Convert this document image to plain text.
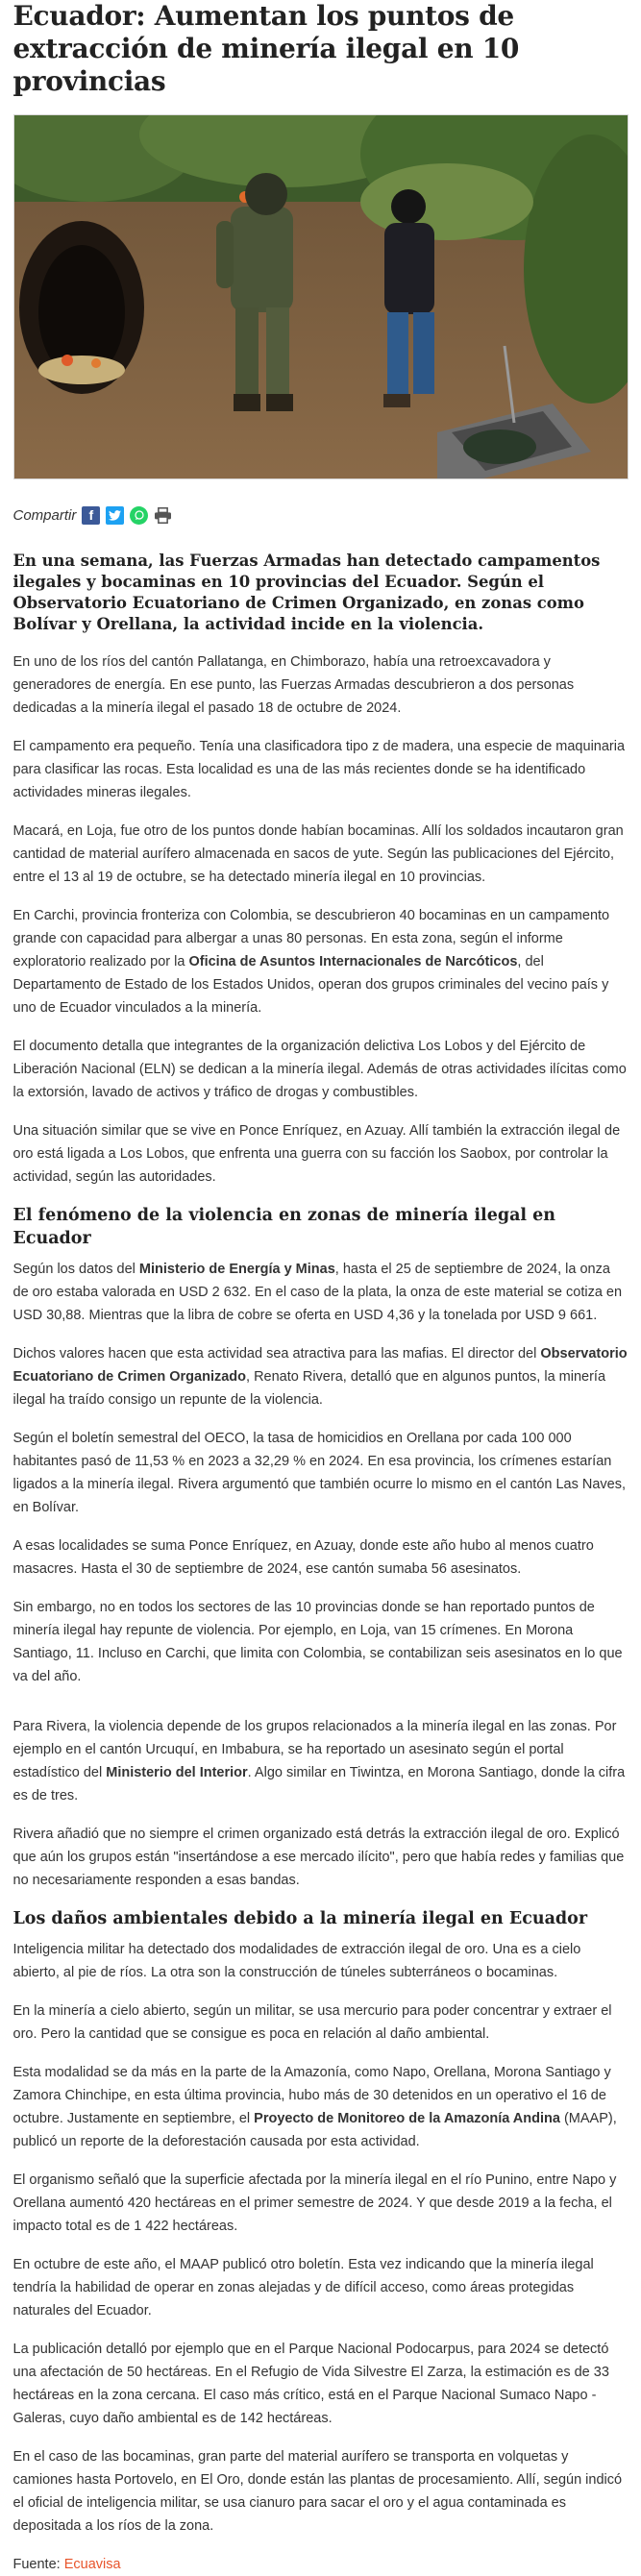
Ecuador: Aumentan los puntos de extracción de minería ilegal en 10 provincias
Compartir f

En una semana, las Fuerzas Armadas han detectado campamentos ilegales y bocaminas en 10 provincias del Ecuador. Según el Observatorio Ecuatoriano de Crimen Organizado, en zonas como Bolívar y Orellana, la actividad incide en la violencia.

En uno de los ríos del cantón Pallatanga, en Chimborazo, había una retroexcavadora y generadores de energía. En ese punto, las Fuerzas Armadas descubrieron a dos personas dedicadas a la minería ilegal el pasado 18 de octubre de 2024.

El campamento era pequeño. Tenía una clasificadora tipo z de madera, una especie de maquinaria para clasificar las rocas. Esta localidad es una de las más recientes donde se ha identificado actividades mineras ilegales.

Macará, en Loja, fue otro de los puntos donde habían bocaminas. Allí los soldados incautaron gran cantidad de material aurífero almacenada en sacos de yute. Según las publicaciones del Ejército, entre el 13 al 19 de octubre, se ha detectado minería ilegal en 10 provincias.

En Carchi, provincia fronteriza con Colombia, se descubrieron 40 bocaminas en un campamento grande con capacidad para albergar a unas 80 personas. En esta zona, según el informe exploratorio realizado por la Oficina de Asuntos Internacionales de Narcóticos, del Departamento de Estado de los Estados Unidos, operan dos grupos criminales del vecino país y uno de Ecuador vinculados a la minería.

El documento detalla que integrantes de la organización delictiva Los Lobos y del Ejército de Liberación Nacional (ELN) se dedican a la minería ilegal. Además de otras actividades ilícitas como la extorsión, lavado de activos y tráfico de drogas y combustibles.

Una situación similar que se vive en Ponce Enríquez, en Azuay. Allí también la extracción ilegal de oro está ligada a Los Lobos, que enfrenta una guerra con su facción los Saobox, por controlar la actividad, según las autoridades.

El fenómeno de la violencia en zonas de minería ilegal en Ecuador

Según los datos del Ministerio de Energía y Minas, hasta el 25 de septiembre de 2024, la onza de oro estaba valorada en USD 2 632. En el caso de la plata, la onza de este material se cotiza en USD 30,88. Mientras que la libra de cobre se oferta en USD 4,36 y la tonelada por USD 9 661.

Dichos valores hacen que esta actividad sea atractiva para las mafias. El director del Observatorio Ecuatoriano de Crimen Organizado, Renato Rivera, detalló que en algunos puntos, la minería ilegal ha traído consigo un repunte de la violencia.

Según el boletín semestral del OECO, la tasa de homicidios en Orellana por cada 100 000 habitantes pasó de 11,53 % en 2023 a 32,29 % en 2024. En esa provincia, los crímenes estarían ligados a la minería ilegal. Rivera argumentó que también ocurre lo mismo en el cantón Las Naves, en Bolívar.

A esas localidades se suma Ponce Enríquez, en Azuay, donde este año hubo al menos cuatro masacres. Hasta el 30 de septiembre de 2024, ese cantón sumaba 56 asesinatos.

Sin embargo, no en todos los sectores de las 10 provincias donde se han reportado puntos de minería ilegal hay repunte de violencia. Por ejemplo, en Loja, van 15 crímenes. En Morona Santiago, 11. Incluso en Carchi, que limita con Colombia, se contabilizan seis asesinatos en lo que va del año.

Para Rivera, la violencia depende de los grupos relacionados a la minería ilegal en las zonas. Por ejemplo en el cantón Urcuquí, en Imbabura, se ha reportado un asesinato según el portal estadístico del Ministerio del Interior. Algo similar en Tiwintza, en Morona Santiago, donde la cifra es de tres.

Rivera añadió que no siempre el crimen organizado está detrás la extracción ilegal de oro. Explicó que aún los grupos están "insertándose a ese mercado ilícito", pero que había redes y familias que no necesariamente responden a esas bandas.

Los daños ambientales debido a la minería ilegal en Ecuador

Inteligencia militar ha detectado dos modalidades de extracción ilegal de oro. Una es a cielo abierto, al pie de ríos. La otra son la construcción de túneles subterráneos o bocaminas.

En la minería a cielo abierto, según un militar, se usa mercurio para poder concentrar y extraer el oro. Pero la cantidad que se consigue es poca en relación al daño ambiental.

Esta modalidad se da más en la parte de la Amazonía, como Napo, Orellana, Morona Santiago y Zamora Chinchipe, en esta última provincia, hubo más de 30 detenidos en un operativo el 16 de octubre. Justamente en septiembre, el Proyecto de Monitoreo de la Amazonía Andina (MAAP), publicó un reporte de la deforestación causada por esta actividad.

El organismo señaló que la superficie afectada por la minería ilegal en el río Punino, entre Napo y Orellana aumentó 420 hectáreas en el primer semestre de 2024. Y que desde 2019 a la fecha, el impacto total es de 1 422 hectáreas.

En octubre de este año, el MAAP publicó otro boletín. Esta vez indicando que la minería ilegal tendría la habilidad de operar en zonas alejadas y de difícil acceso, como áreas protegidas naturales del Ecuador.

La publicación detalló por ejemplo que en el Parque Nacional Podocarpus, para 2024 se detectó una afectación de 50 hectáreas. En el Refugio de Vida Silvestre El Zarza, la estimación es de 33 hectáreas en la zona cercana. El caso más crítico, está en el Parque Nacional Sumaco Napo - Galeras, cuyo daño ambiental es de 142 hectáreas.

En el caso de las bocaminas, gran parte del material aurífero se transporta en volquetas y camiones hasta Portovelo, en El Oro, donde están las plantas de procesamiento. Allí, según indicó el oficial de inteligencia militar, se usa cianuro para sacar el oro y el agua contaminada es depositada a los ríos de la zona.

Fuente: Ecuavisa
